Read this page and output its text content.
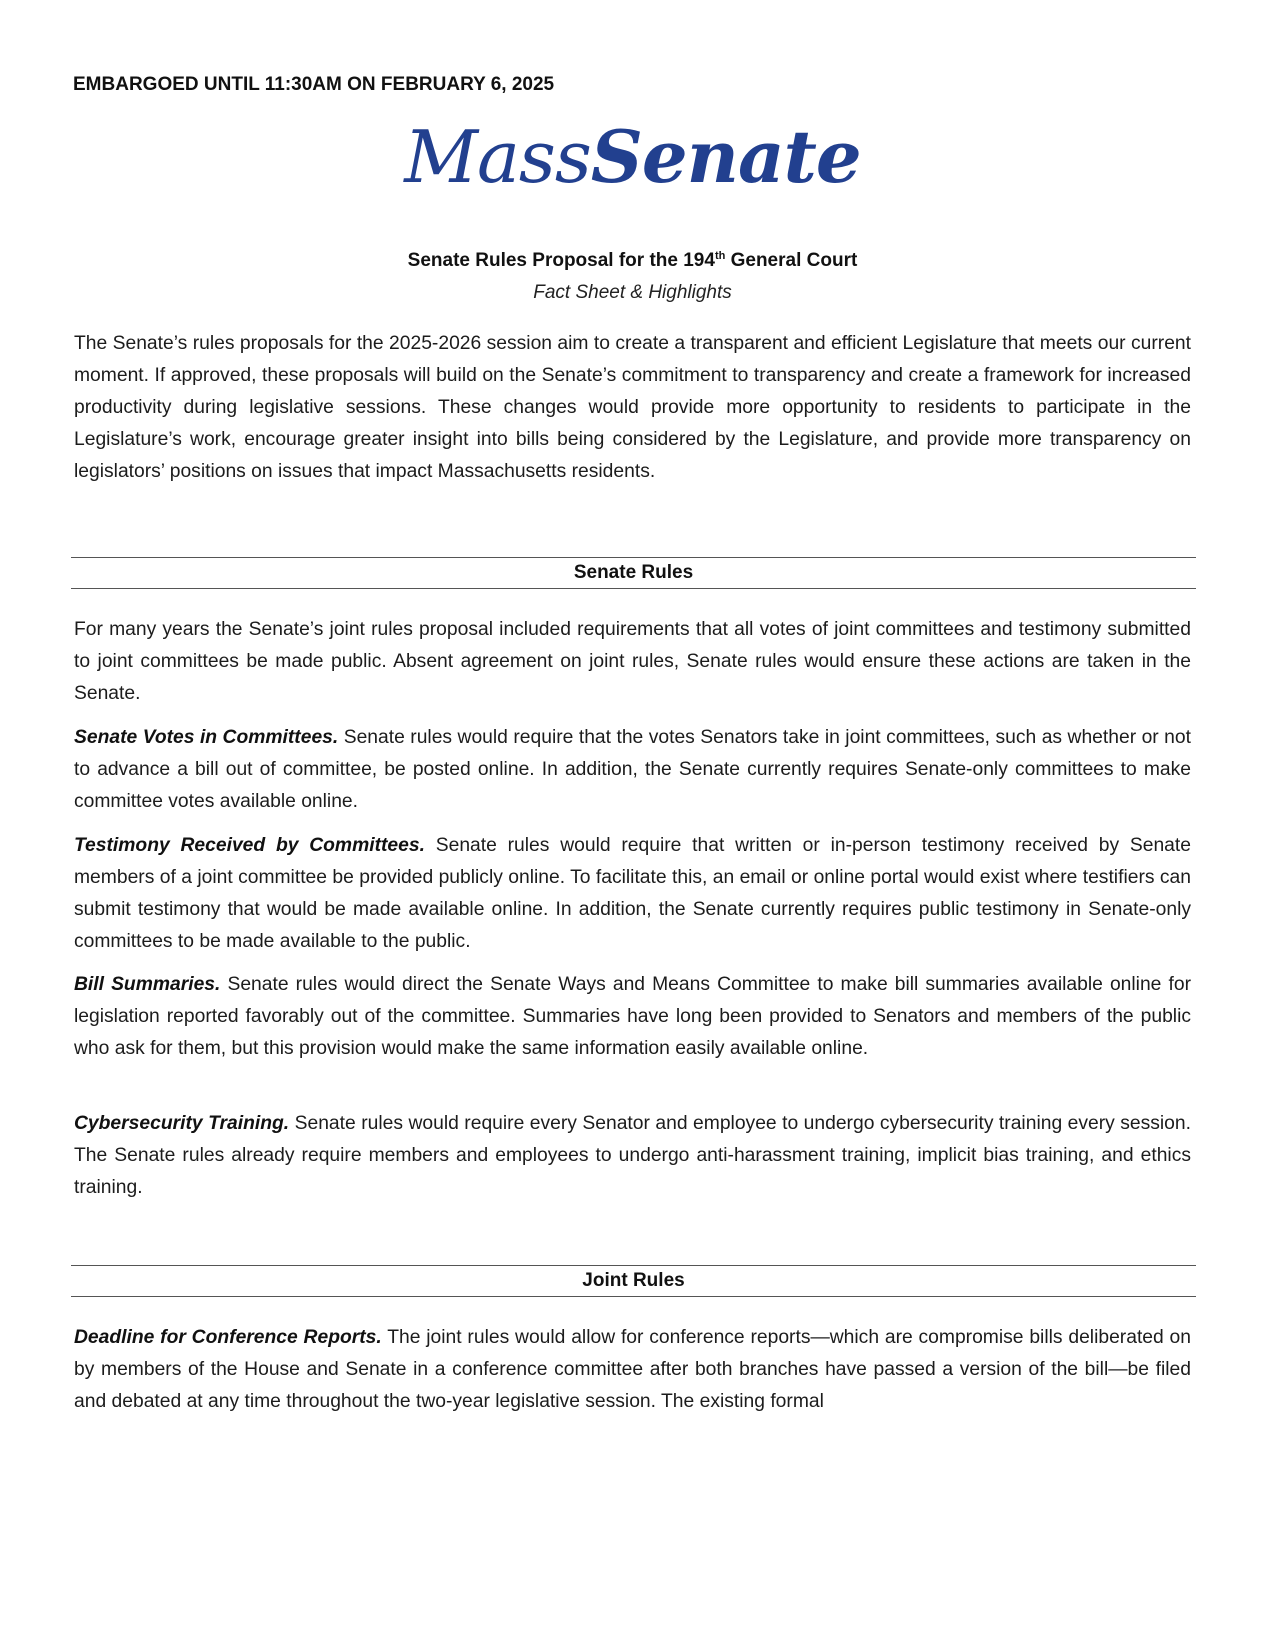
EMBARGOED UNTIL 11:30AM ON FEBRUARY 6, 2025
MassSenate
Senate Rules Proposal for the 194th General Court
Fact Sheet & Highlights

The Senate’s rules proposals for the 2025-2026 session aim to create a transparent and efficient Legislature that meets our current moment. If approved, these proposals will build on the Senate’s commitment to transparency and create a framework for increased productivity during legislative sessions. These changes would provide more opportunity to residents to participate in the Legislature’s work, encourage greater insight into bills being considered by the Legislature, and provide more transparency on legislators’ positions on issues that impact Massachusetts residents.

Senate Rules

For many years the Senate’s joint rules proposal included requirements that all votes of joint committees and testimony submitted to joint committees be made public. Absent agreement on joint rules, Senate rules would ensure these actions are taken in the Senate.

Senate Votes in Committees. Senate rules would require that the votes Senators take in joint committees, such as whether or not to advance a bill out of committee, be posted online. In addition, the Senate currently requires Senate-only committees to make committee votes available online.

Testimony Received by Committees. Senate rules would require that written or in-person testimony received by Senate members of a joint committee be provided publicly online. To facilitate this, an email or online portal would exist where testifiers can submit testimony that would be made available online. In addition, the Senate currently requires public testimony in Senate-only committees to be made available to the public.

Bill Summaries. Senate rules would direct the Senate Ways and Means Committee to make bill summaries available online for legislation reported favorably out of the committee. Summaries have long been provided to Senators and members of the public who ask for them, but this provision would make the same information easily available online.

Cybersecurity Training. Senate rules would require every Senator and employee to undergo cybersecurity training every session. The Senate rules already require members and employees to undergo anti-harassment training, implicit bias training, and ethics training.

Joint Rules

Deadline for Conference Reports. The joint rules would allow for conference reports—which are compromise bills deliberated on by members of the House and Senate in a conference committee after both branches have passed a version of the bill—be filed and debated at any time throughout the two-year legislative session. The existing formal
